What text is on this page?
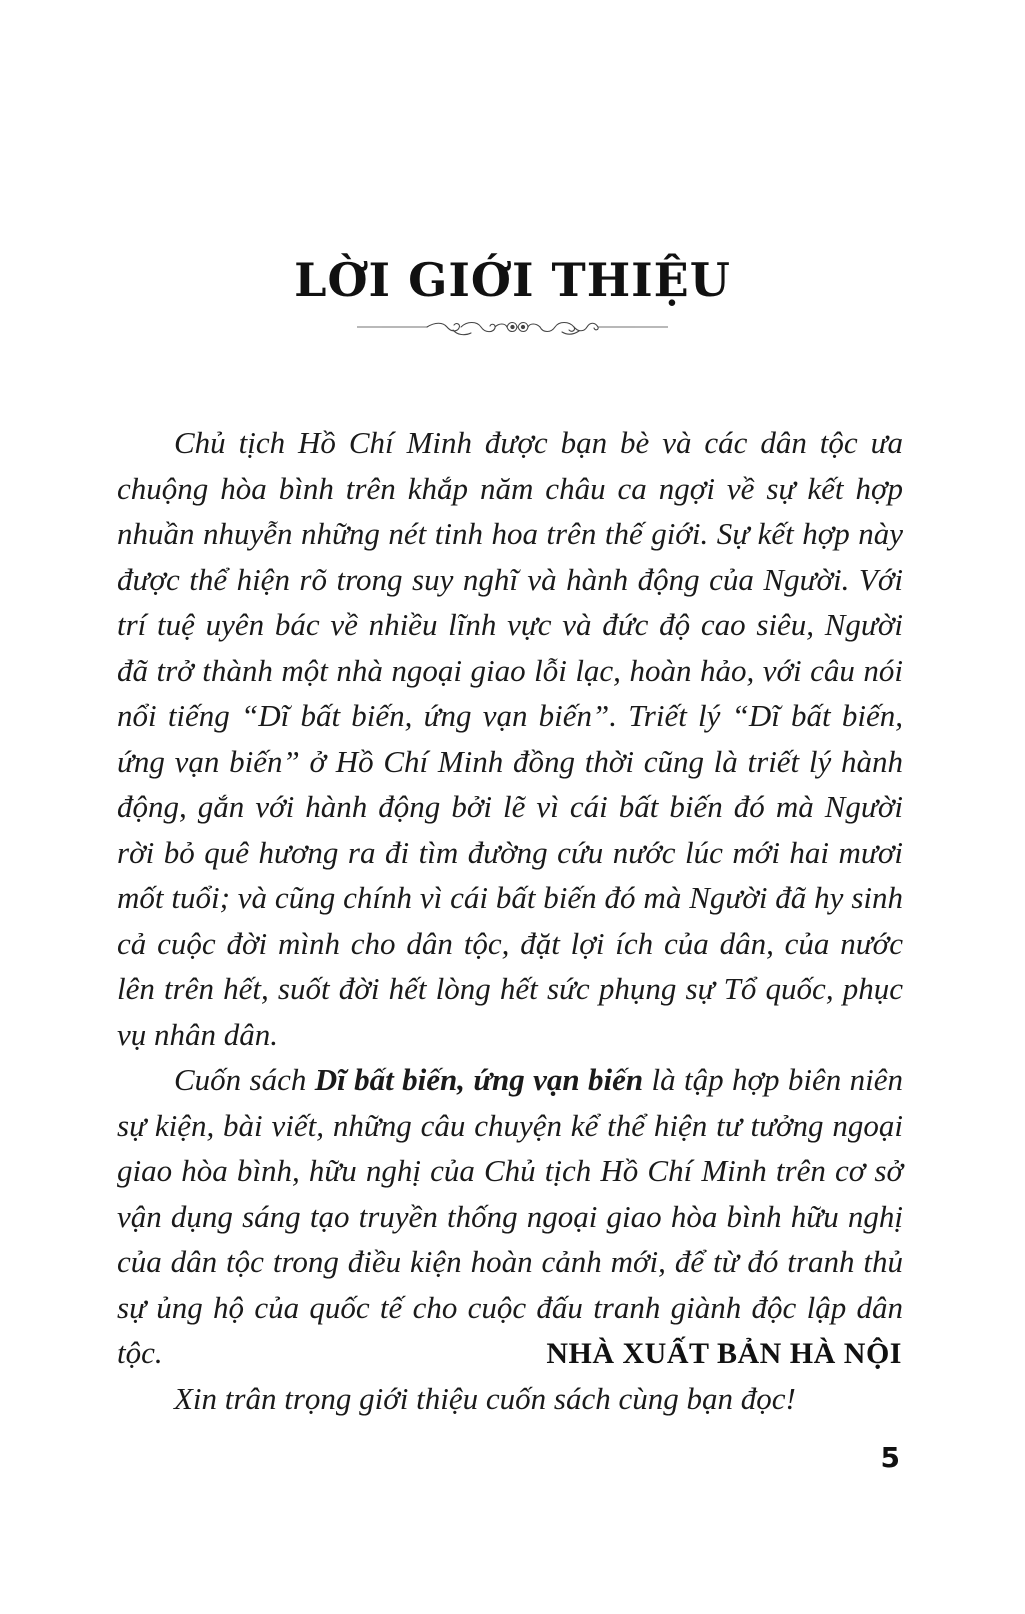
LỜI GIỚI THIỆU

Chủ tịch Hồ Chí Minh được bạn bè và các dân tộc ưa chuộng hòa bình trên khắp năm châu ca ngợi về sự kết hợp nhuần nhuyễn những nét tinh hoa trên thế giới. Sự kết hợp này được thể hiện rõ trong suy nghĩ và hành động của Người. Với trí tuệ uyên bác về nhiều lĩnh vực và đức độ cao siêu, Người đã trở thành một nhà ngoại giao lỗi lạc, hoàn hảo, với câu nói nổi tiếng “Dĩ bất biến, ứng vạn biến”. Triết lý “Dĩ bất biến, ứng vạn biến” ở Hồ Chí Minh đồng thời cũng là triết lý hành động, gắn với hành động bởi lẽ vì cái bất biến đó mà Người rời bỏ quê hương ra đi tìm đường cứu nước lúc mới hai mươi mốt tuổi; và cũng chính vì cái bất biến đó mà Người đã hy sinh cả cuộc đời mình cho dân tộc, đặt lợi ích của dân, của nước lên trên hết, suốt đời hết lòng hết sức phụng sự Tổ quốc, phục vụ nhân dân.

Cuốn sách Dĩ bất biến, ứng vạn biến là tập hợp biên niên sự kiện, bài viết, những câu chuyện kể thể hiện tư tưởng ngoại giao hòa bình, hữu nghị của Chủ tịch Hồ Chí Minh trên cơ sở vận dụng sáng tạo truyền thống ngoại giao hòa bình hữu nghị của dân tộc trong điều kiện hoàn cảnh mới, để từ đó tranh thủ sự ủng hộ của quốc tế cho cuộc đấu tranh giành độc lập dân tộc.

Xin trân trọng giới thiệu cuốn sách cùng bạn đọc!

NHÀ XUẤT BẢN HÀ NỘI
5
